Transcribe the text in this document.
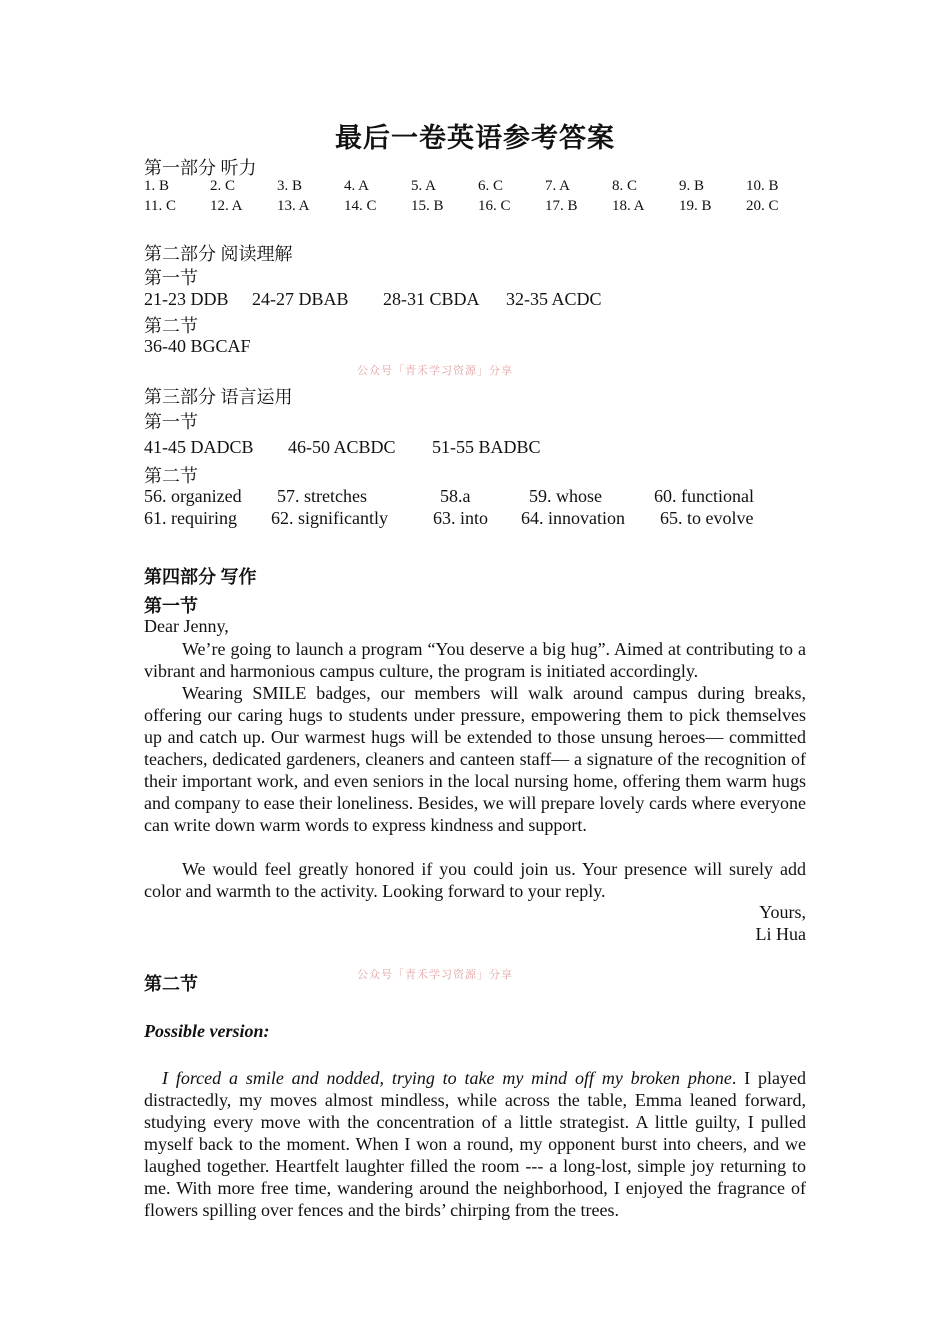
最后一卷英语参考答案
第一部分 听力
1. B	2. C	3. B	4. A	5. A	6. C	7. A	8. C	9. B	10. B
11. C 12. A 13. A 14. C 15. B 16. C 17. B 18. A 19. B 20. C
第二部分 阅读理解
第一节
21-23 DDB 24-27 DBAB 28-31 CBDA 32-35 ACDC
第二节
36-40 BGCAF
公众号「青禾学习资源」分享
第三部分 语言运用
第一节
41-45 DADCB 46-50 ACBDC 51-55 BADBC
第二节
56. organized 57. stretches	58.a	59. whose	60. functional
61. requiring 62. significantly	63. into 64. innovation 65. to evolve
第四部分 写作
第一节
Dear Jenny,
We’re going to launch a program “You deserve a big hug”. Aimed at contributing to a vibrant and harmonious campus culture, the program is initiated accordingly.
Wearing SMILE badges, our members will walk around campus during breaks, offering our caring hugs to students under pressure, empowering them to pick themselves up and catch up. Our warmest hugs will be extended to those unsung heroes— committed teachers, dedicated gardeners, cleaners and canteen staff— a signature of the recognition of their important work, and even seniors in the local nursing home, offering them warm hugs and company to ease their loneliness. Besides, we will prepare lovely cards where everyone can write down warm words to express kindness and support.
We would feel greatly honored if you could join us. Your presence will surely add color and warmth to the activity. Looking forward to your reply.
Yours,
Li Hua
第二节	公众号「青禾学习资源」分享
Possible version:
I forced a smile and nodded, trying to take my mind off my broken phone. I played distractedly, my moves almost mindless, while across the table, Emma leaned forward, studying every move with the concentration of a little strategist. A little guilty, I pulled myself back to the moment. When I won a round, my opponent burst into cheers, and we laughed together. Heartfelt laughter filled the room --- a long-lost, simple joy returning to me. With more free time, wandering around the neighborhood, I enjoyed the fragrance of flowers spilling over fences and the birds’ chirping from the trees.
